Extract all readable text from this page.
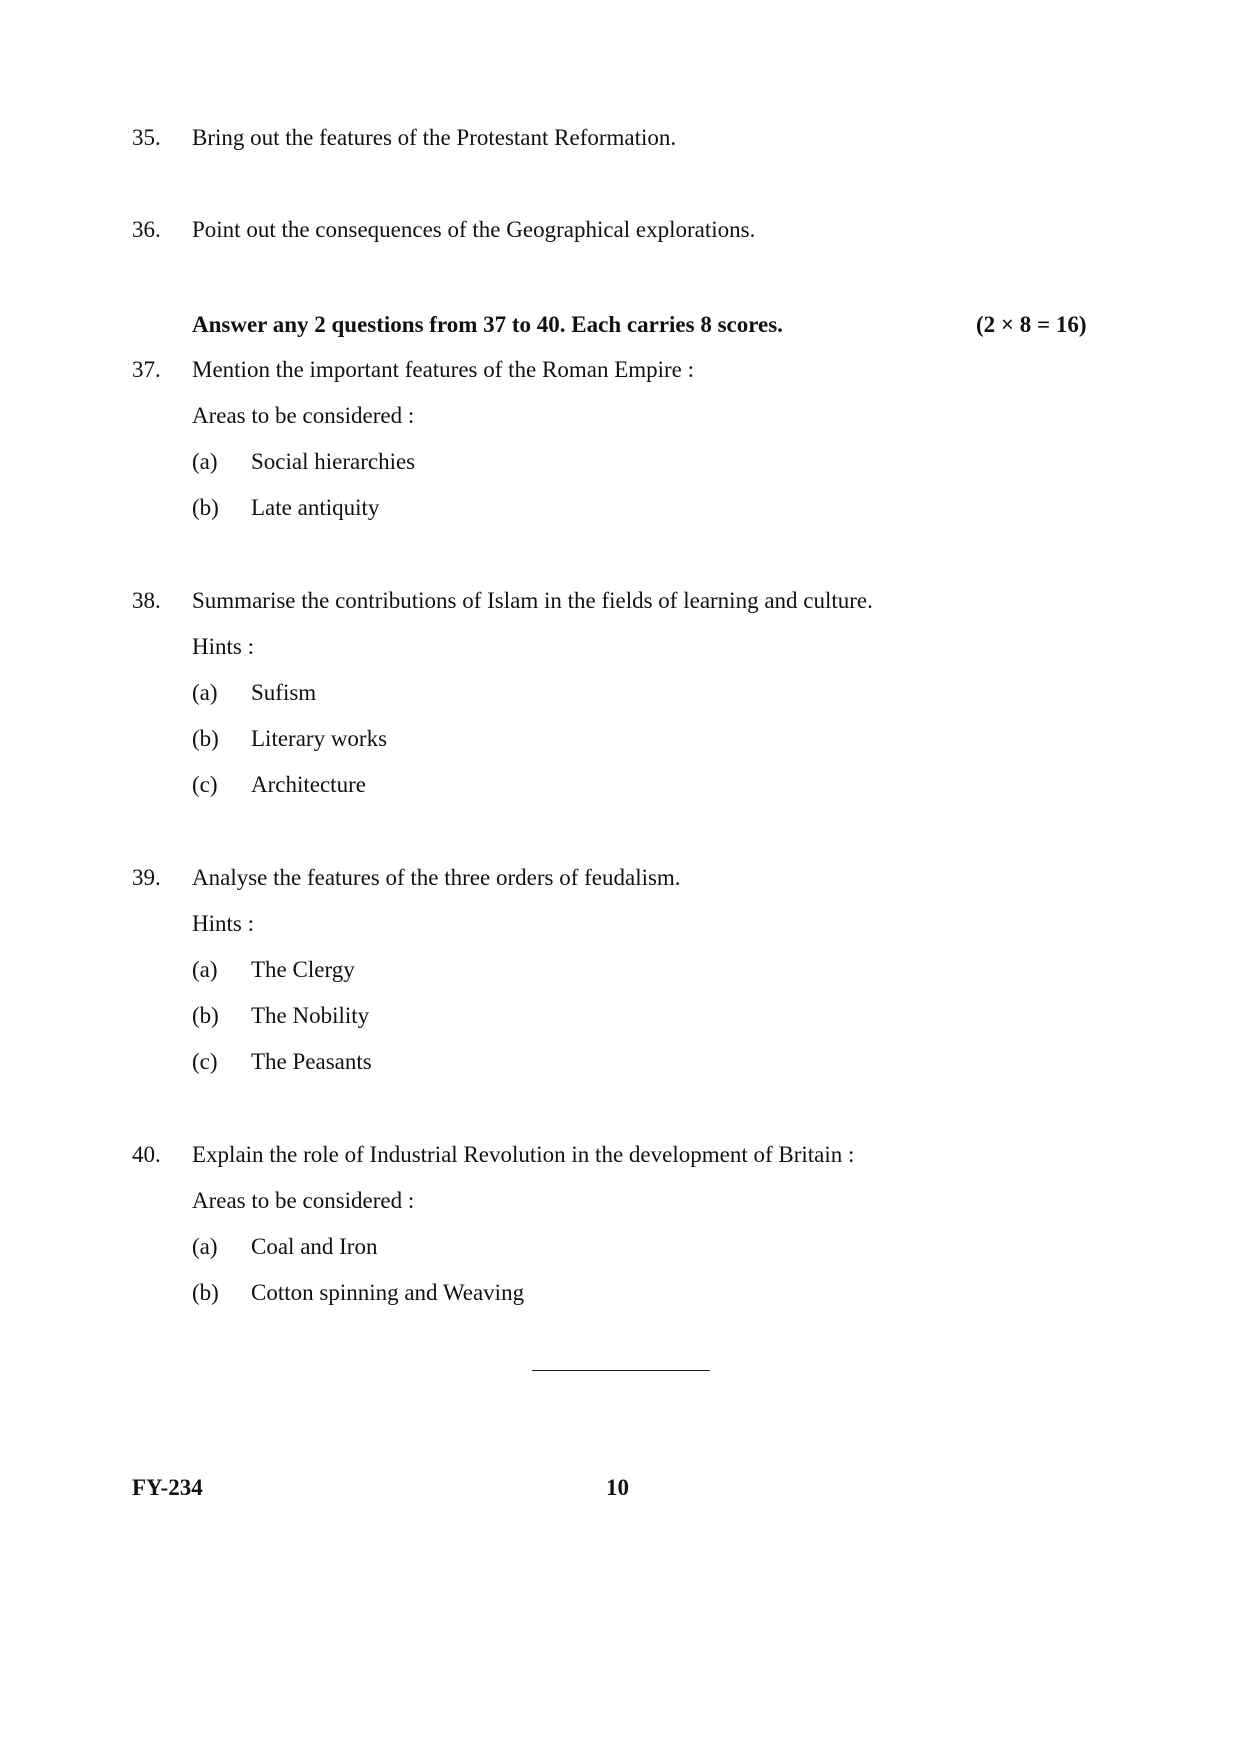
35. Bring out the features of the Protestant Reformation.
36. Point out the consequences of the Geographical explorations.
Answer any 2 questions from 37 to 40. Each carries 8 scores.	(2 × 8 = 16)
37. Mention the important features of the Roman Empire :
Areas to be considered :
(a) Social hierarchies
(b) Late antiquity
38. Summarise the contributions of Islam in the fields of learning and culture.
Hints :
(a) Sufism
(b) Literary works
(c) Architecture
39. Analyse the features of the three orders of feudalism.
Hints :
(a) The Clergy
(b) The Nobility
(c) The Peasants
40. Explain the role of Industrial Revolution in the development of Britain :
Areas to be considered :
(a) Coal and Iron
(b) Cotton spinning and Weaving
FY-234	10
